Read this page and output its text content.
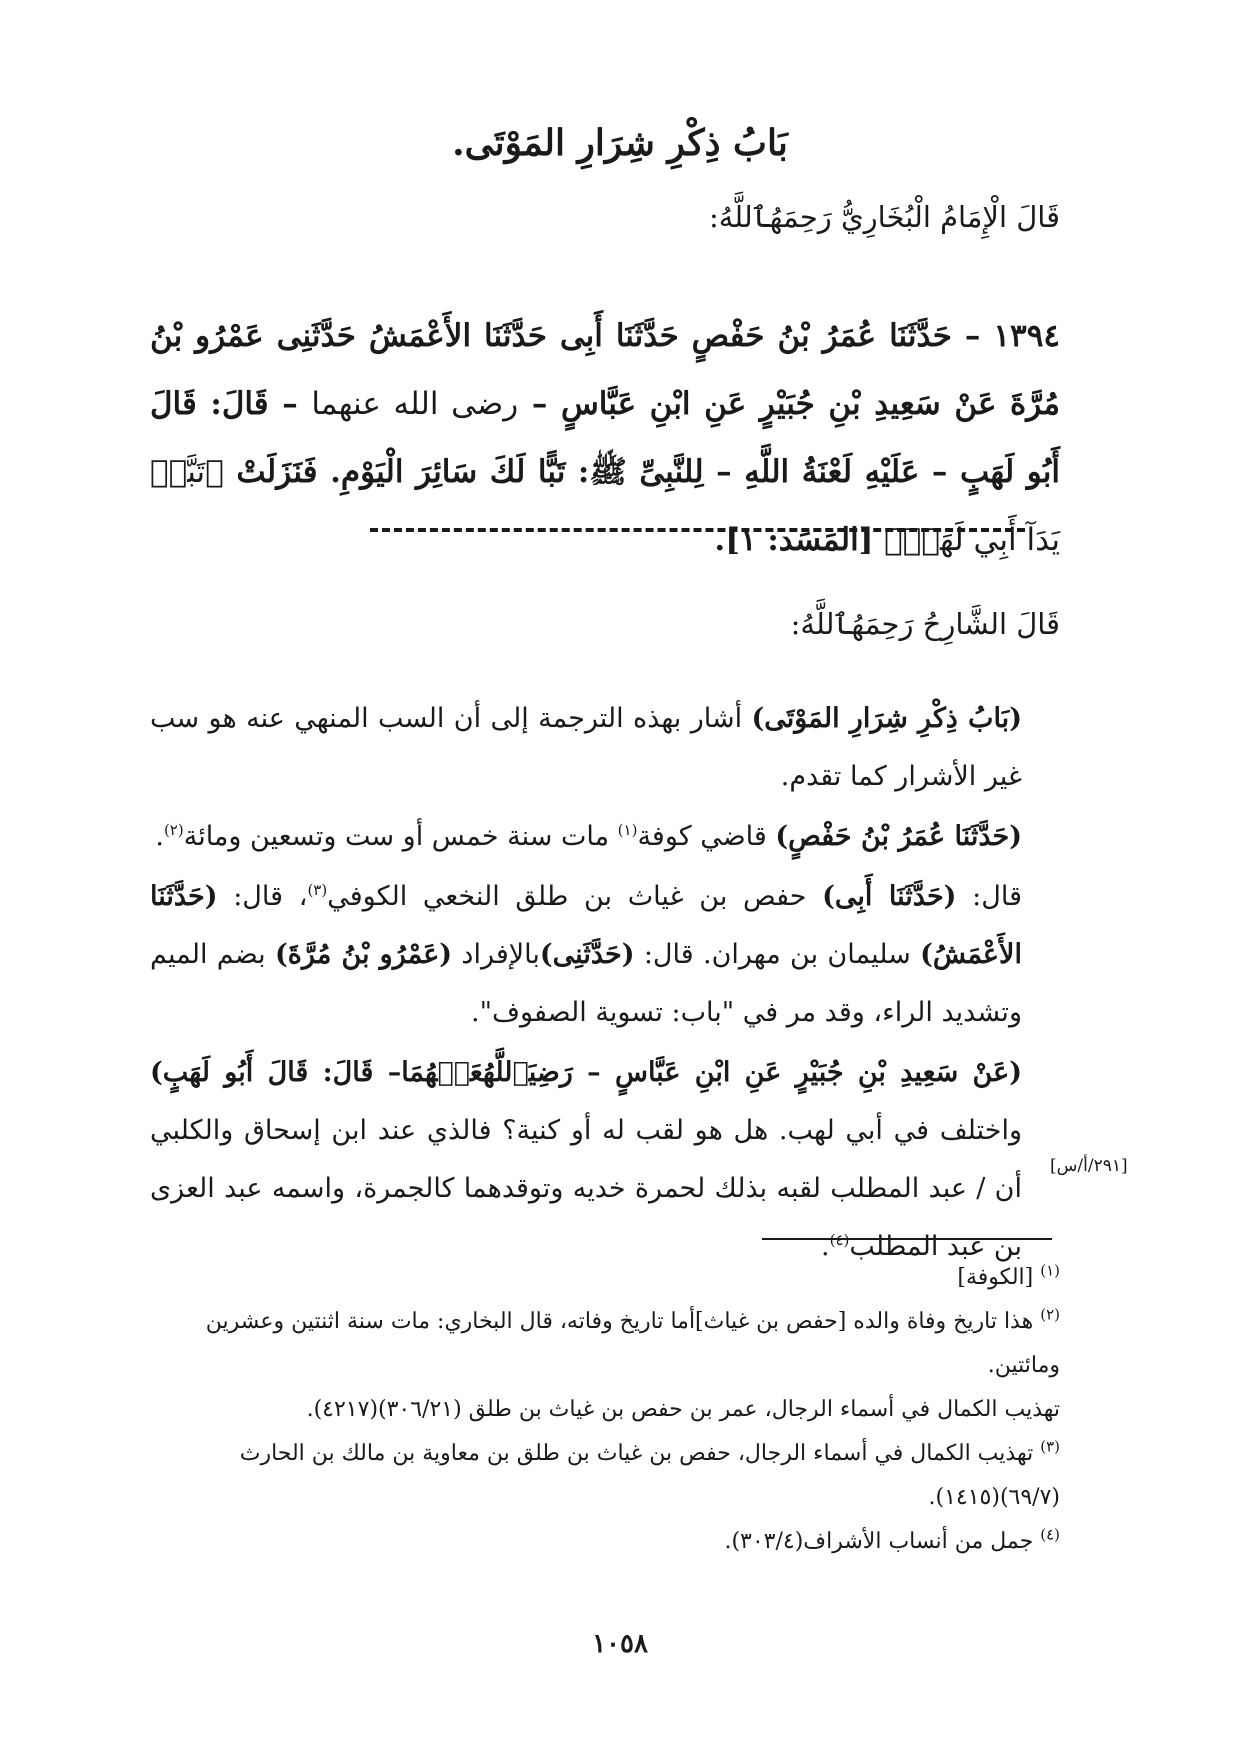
بَابُ ذِكْرِ شِرَارِ المَوْتَى.
قَالَ الْإِمَامُ الْبُخَارِيُّ رَحِمَهُٱللَّهُ:
١٣٩٤ – حَدَّثَنَا عُمَرُ بْنُ حَفْصٍ حَدَّثَنَا أَبِى حَدَّثَنَا الأَعْمَشُ حَدَّثَنِى عَمْرُو بْنُ مُرَّةَ عَنْ سَعِيدِ بْنِ جُبَيْرٍ عَنِ ابْنِ عَبَّاسٍ – رضى الله عنهما – قَالَ: قَالَ أَبُو لَهَبٍ – عَلَيْهِ لَعْنَةُ اللَّهِ – لِلنَّبِىِّ ﷺ: تَبًّا لَكَ سَائِرَ الْيَوْمِ. فَنَزَلَتْ ﴿تَبَّتۡ يَدَآ أَبِي لَهَبٖ﴾ [المَسَد: ١].
قَالَ الشَّارِحُ رَحِمَهُٱللَّهُ:

(بَابُ ذِكْرِ شِرَارِ المَوْتَى) أشار بهذه الترجمة إلى أن السب المنهي عنه هو سب غير الأشرار كما تقدم.

(حَدَّثَنَا عُمَرُ بْنُ حَفْصٍ) قاضي كوفة$^{(١)}$ مات سنة خمس أو ست وتسعين ومائة$^{(٢)}$.

قال: (حَدَّثَنَا أَبِى) حفص بن غياث بن طلق النخعي الكوفي$^{(٣)}$، قال: (حَدَّثَنَا الأَعْمَشُ) سليمان بن مهران. قال: (حَدَّثَنِى)بالإفراد (عَمْرُو بْنُ مُرَّةَ) بضم الميم وتشديد الراء، وقد مر في "باب: تسوية الصفوف".

(عَنْ سَعِيدِ بْنِ جُبَيْرٍ عَنِ ابْنِ عَبَّاسٍ – رَضِيَٱللَّهُعَنۡهُمَا– قَالَ: قَالَ أَبُو لَهَبٍ) واختلف في أبي لهب. هل هو لقب له أو كنية؟ فالذي عند ابن إسحاق والكلبي أن / عبد المطلب لقبه بذلك لحمرة خديه وتوقدهما كالجمرة، واسمه عبد العزى بن عبد المطلب$^{(٤)}$.

[٢٩١/أ/س]
$^{(١)}$ [الكوفة]
$^{(٢)}$ هذا تاريخ وفاة والده [حفص بن غياث]أما تاريخ وفاته، قال البخاري: مات سنة اثنتين وعشرين ومائتين.
تهذيب الكمال في أسماء الرجال، عمر بن حفص بن غياث بن طلق (٣٠٦/٢١)(٤٢١٧).
$^{(٣)}$ تهذيب الكمال في أسماء الرجال، حفص بن غياث بن طلق بن معاوية بن مالك بن الحارث
(٦٩/٧)(١٤١٥).
$^{(٤)}$ جمل من أنساب الأشراف(٣٠٣/٤).
١٠٥٨
